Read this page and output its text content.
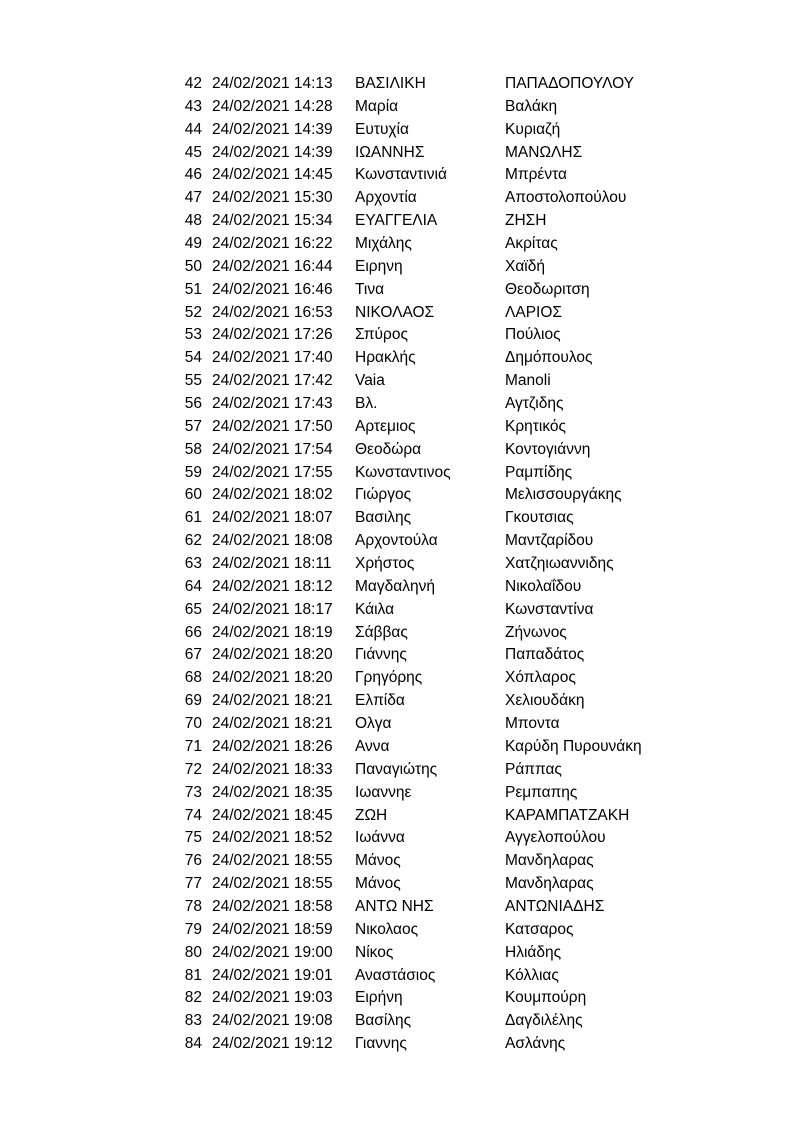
42 24/02/2021 14:13 ΒΑΣΙΛΙΚΗ	ΠΑΠΑΔΟΠΟΥΛΟΥ
43 24/02/2021 14:28 Μαρία	Βαλάκη
44 24/02/2021 14:39 Ευτυχία	Κυριαζή
45 24/02/2021 14:39 ΙΩΑΝΝΗΣ	ΜΑΝΩΛΗΣ
46 24/02/2021 14:45 Κωνσταντινιά	Μπρέντα
47 24/02/2021 15:30 Αρχοντία	Αποστολοπούλου
48 24/02/2021 15:34 ΕΥΑΓΓΕΛΙΑ	ΖΗΣΗ
49 24/02/2021 16:22 Μιχάλης	Ακρίτας
50 24/02/2021 16:44 Ειρηνη	Χαϊδή
51 24/02/2021 16:46 Τινα	Θεοδωριτση
52 24/02/2021 16:53 ΝΙΚΟΛΑΟΣ	ΛΑΡΙΟΣ
53 24/02/2021 17:26 Σπύρος	Πούλιος
54 24/02/2021 17:40 Ηρακλής	Δημόπουλος
55 24/02/2021 17:42 Vaia	Manoli
56 24/02/2021 17:43 Βλ.	Αγτζιδης
57 24/02/2021 17:50 Αρτεμιος	Κρητικός
58 24/02/2021 17:54 Θεοδώρα	Κοντογιάννη
59 24/02/2021 17:55 Κωνσταντινος	Ραμπίδης
60 24/02/2021 18:02 Γιώργος	Μελισσουργάκης
61 24/02/2021 18:07 Βασιλης	Γκουτσιας
62 24/02/2021 18:08 Αρχοντούλα	Μαντζαρίδου
63 24/02/2021 18:11 Χρήστος	Χατζηιωαννιδης
64 24/02/2021 18:12 Μαγδαληνή	Νικολαΐδου
65 24/02/2021 18:17 Κάιλα	Κωνσταντίνα
66 24/02/2021 18:19 Σάββας	Ζήνωνος
67 24/02/2021 18:20 Γιάννης	Παπαδάτος
68 24/02/2021 18:20 Γρηγόρης	Χόπλαρος
69 24/02/2021 18:21 Ελπίδα	Χελιουδάκη
70 24/02/2021 18:21 Ολγα	Μποντα
71 24/02/2021 18:26 Αννα	Καρύδη Πυρουνάκη
72 24/02/2021 18:33 Παναγιώτης	Ράππας
73 24/02/2021 18:35 Ιωαννηε	Ρεμπαπης
74 24/02/2021 18:45 ΖΩΗ	ΚΑΡΑΜΠΑΤΖΑΚΗ
75 24/02/2021 18:52 Ιωάννα	Αγγελοπούλου
76 24/02/2021 18:55 Μάνος	Μανδηλαρας
77 24/02/2021 18:55 Μάνος	Μανδηλαρας
78 24/02/2021 18:58 ΑΝΤΩ ΝΗΣ	ΑΝΤΩΝΙΑΔΗΣ
79 24/02/2021 18:59 Νικολαος	Κατσαρος
80 24/02/2021 19:00 Νίκος	Ηλιάδης
81 24/02/2021 19:01 Αναστάσιος	Κόλλιας
82 24/02/2021 19:03 Ειρήνη	Κουμπούρη
83 24/02/2021 19:08 Βασίλης	Δαγδιλέλης
84 24/02/2021 19:12 Γιαννης	Ασλάνης
